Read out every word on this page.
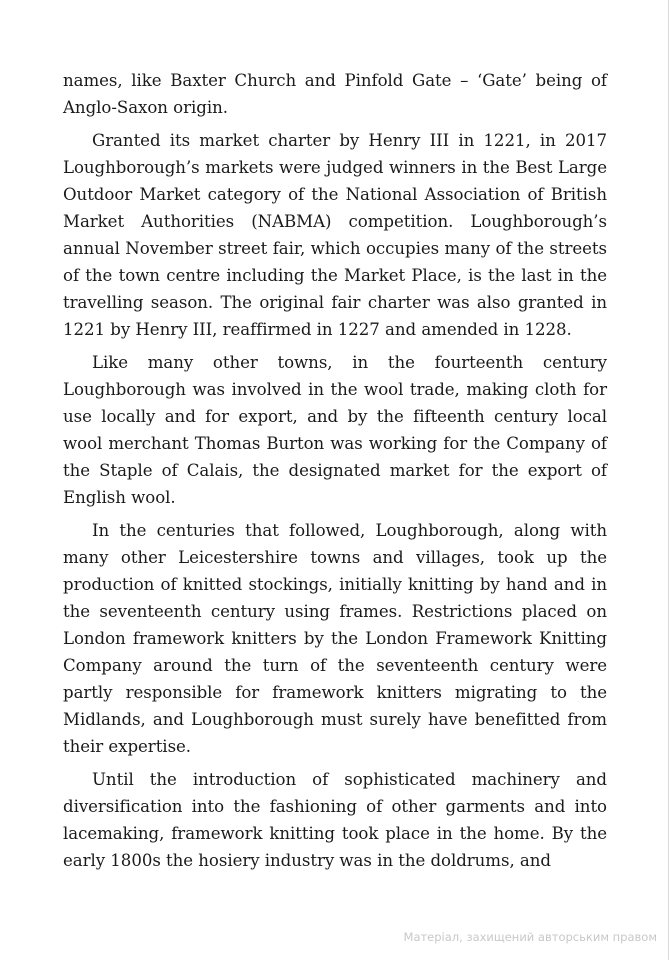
names, like Baxter Church and Pinfold Gate – ‘Gate’ being of Anglo-Saxon origin.

Granted its market charter by Henry III in 1221, in 2017 Loughborough’s markets were judged winners in the Best Large Outdoor Market category of the National Association of British Market Authorities (NABMA) competition. Loughborough’s annual November street fair, which occupies many of the streets of the town centre including the Market Place, is the last in the travelling season. The original fair charter was also granted in 1221 by Henry III, reaffirmed in 1227 and amended in 1228.

Like many other towns, in the fourteenth century Loughborough was involved in the wool trade, making cloth for use locally and for export, and by the fifteenth century local wool merchant Thomas Burton was working for the Company of the Staple of Calais, the designated market for the export of English wool.

In the centuries that followed, Loughborough, along with many other Leicestershire towns and villages, took up the production of knitted stockings, initially knitting by hand and in the seventeenth century using frames. Restrictions placed on London framework knitters by the London Framework Knitting Company around the turn of the seventeenth century were partly responsible for framework knitters migrating to the Midlands, and Loughborough must surely have benefitted from their expertise.

Until the introduction of sophisticated machinery and diversification into the fashioning of other garments and into lacemaking, framework knitting took place in the home. By the early 1800s the hosiery industry was in the doldrums, and

Матеріал, захищений авторським правом
